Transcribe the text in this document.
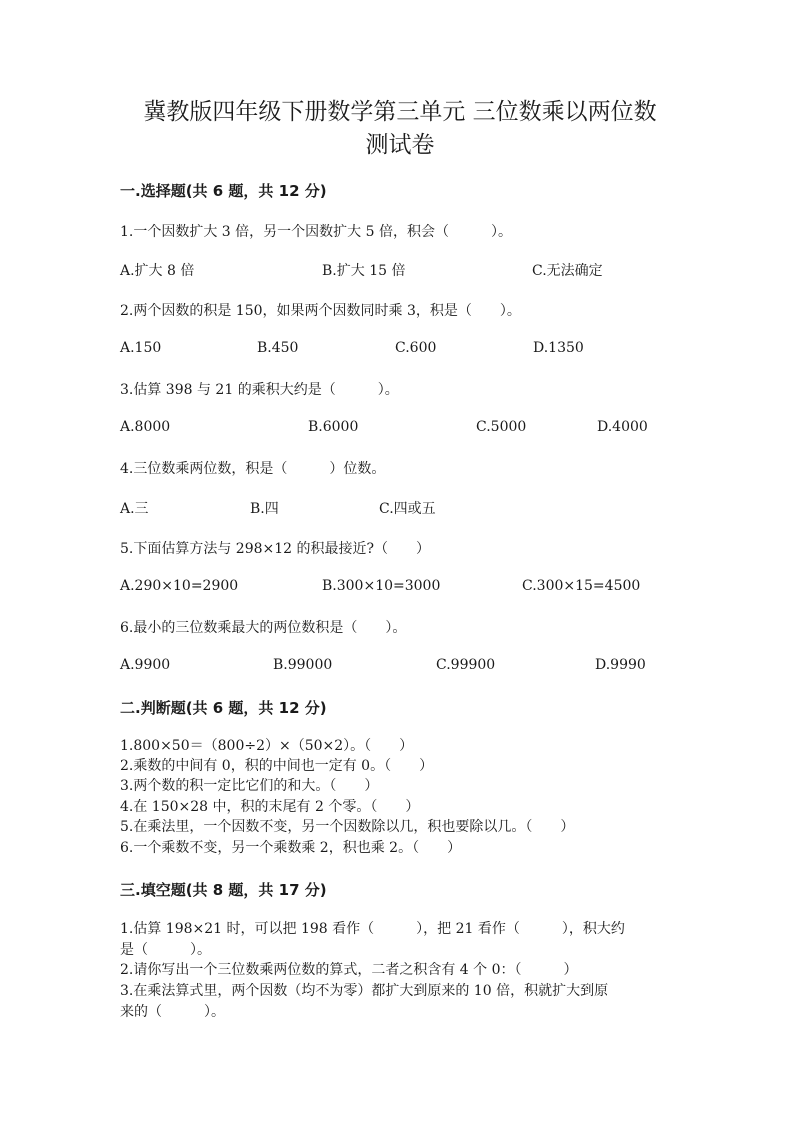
冀教版四年级下册数学第三单元 三位数乘以两位数
测试卷
一.选择题(共 6 题，共 12 分)
1.一个因数扩大 3 倍，另一个因数扩大 5 倍，积会（　　　）。
A.扩大 8 倍	B.扩大 15 倍	C.无法确定
2.两个因数的积是 150，如果两个因数同时乘 3，积是（　　）。
A.150	B.450	C.600	D.1350
3.估算 398 与 21 的乘积大约是（　　　）。
A.8000	B.6000	C.5000	D.4000
4.三位数乘两位数，积是（　　　）位数。
A.三	B.四	C.四或五
5.下面估算方法与 298×12 的积最接近?（　　）
A.290×10=2900	B.300×10=3000	C.300×15=4500
6.最小的三位数乘最大的两位数积是（　　）。
A.9900	B.99000	C.99900	D.9990
二.判断题(共 6 题，共 12 分)
1.800×50＝（800÷2）×（50×2）。（　　）
2.乘数的中间有 0，积的中间也一定有 0。（　　）
3.两个数的积一定比它们的和大。（　　）
4.在 150×28 中，积的末尾有 2 个零。（　　）
5.在乘法里，一个因数不变，另一个因数除以几，积也要除以几。（　　）
6.一个乘数不变，另一个乘数乘 2，积也乘 2。（　　）
三.填空题(共 8 题，共 17 分)
1.估算 198×21 时，可以把 198 看作（　　　），把 21 看作（　　　），积大约
是（　　　）。
2.请你写出一个三位数乘两位数的算式，二者之积含有 4 个 0：（　　　）
3.在乘法算式里，两个因数（均不为零）都扩大到原来的 10 倍，积就扩大到原
来的（　　　）。
